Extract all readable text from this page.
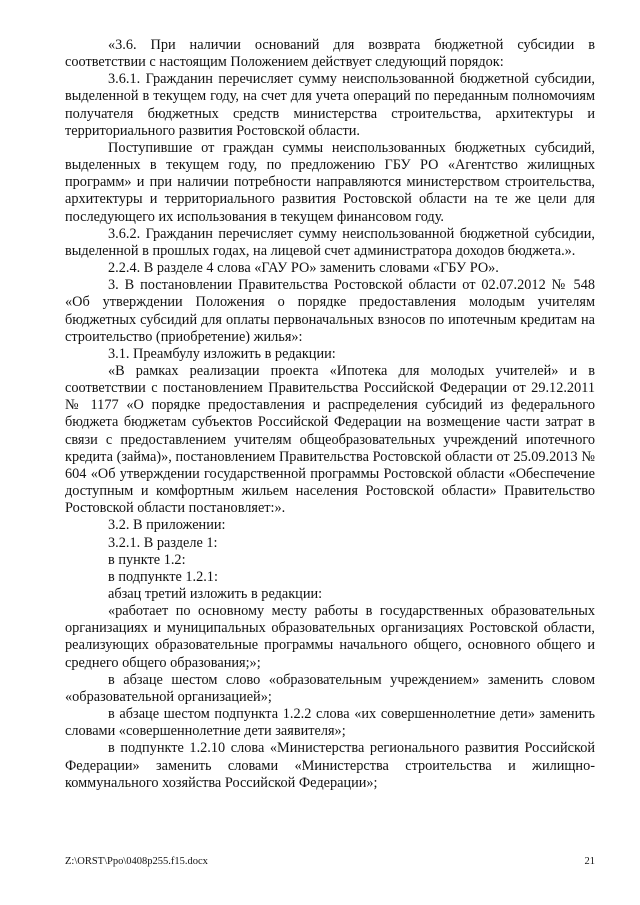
«3.6. При наличии оснований для возврата бюджетной субсидии в соответствии с настоящим Положением действует следующий порядок:

3.6.1. Гражданин перечисляет сумму неиспользованной бюджетной субсидии, выделенной в текущем году, на счет для учета операций по переданным полномочиям получателя бюджетных средств министерства строительства, архитектуры и территориального развития Ростовской области.

Поступившие от граждан суммы неиспользованных бюджетных субсидий, выделенных в текущем году, по предложению ГБУ РО «Агентство жилищных программ» и при наличии потребности направляются министерством строительства, архитектуры и территориального развития Ростовской области на те же цели для последующего их использования в текущем финансовом году.

3.6.2. Гражданин перечисляет сумму неиспользованной бюджетной субсидии, выделенной в прошлых годах, на лицевой счет администратора доходов бюджета.».

2.2.4. В разделе 4 слова «ГАУ РО» заменить словами «ГБУ РО».

3. В постановлении Правительства Ростовской области от 02.07.2012 № 548 «Об утверждении Положения о порядке предоставления молодым учителям бюджетных субсидий для оплаты первоначальных взносов по ипотечным кредитам на строительство (приобретение) жилья»:

3.1. Преамбулу изложить в редакции:

«В рамках реализации проекта «Ипотека для молодых учителей» и в соответствии с постановлением Правительства Российской Федерации от 29.12.2011 № 1177 «О порядке предоставления и распределения субсидий из федерального бюджета бюджетам субъектов Российской Федерации на возмещение части затрат в связи с предоставлением учителям общеобразовательных учреждений ипотечного кредита (займа)», постановлением Правительства Ростовской области от 25.09.2013 № 604 «Об утверждении государственной программы Ростовской области «Обеспечение доступным и комфортным жильем населения Ростовской области» Правительство Ростовской области постановляет:».

3.2. В приложении:

3.2.1. В разделе 1:

в пункте 1.2:

в подпункте 1.2.1:

абзац третий изложить в редакции:

«работает по основному месту работы в государственных образовательных организациях и муниципальных образовательных организациях Ростовской области, реализующих образовательные программы начального общего, основного общего и среднего общего образования;»;

в абзаце шестом слово «образовательным учреждением» заменить словом «образовательной организацией»;

в абзаце шестом подпункта 1.2.2 слова «их совершеннолетние дети» заменить словами «совершеннолетние дети заявителя»;

в подпункте 1.2.10 слова «Министерства регионального развития Российской Федерации» заменить словами «Министерства строительства и жилищно-коммунального хозяйства Российской Федерации»;

Z:\ORST\Ppo\0408p255.f15.docx	21
